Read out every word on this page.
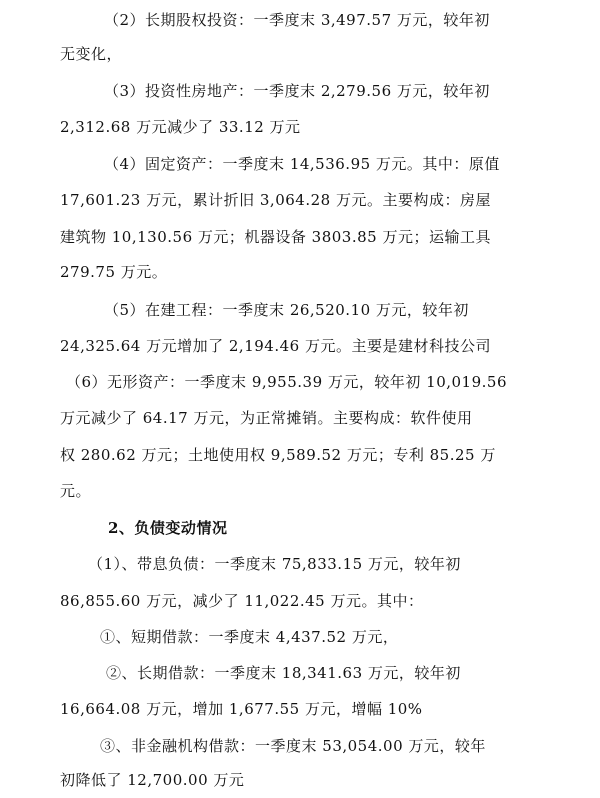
（2）长期股权投资：一季度末 3,497.57 万元，较年初
无变化，
（3）投资性房地产：一季度末 2,279.56 万元，较年初
2,312.68 万元减少了 33.12 万元
（4）固定资产：一季度末 14,536.95 万元。其中：原值
17,601.23 万元，累计折旧 3,064.28 万元。主要构成：房屋
建筑物 10,130.56 万元；机器设备 3803.85 万元；运输工具
279.75 万元。
（5）在建工程：一季度末 26,520.10 万元，较年初
24,325.64 万元增加了 2,194.46 万元。主要是建材科技公司
（6）无形资产：一季度末 9,955.39 万元，较年初 10,019.56
万元减少了 64.17 万元，为正常摊销。主要构成：软件使用
权 280.62 万元；土地使用权 9,589.52 万元；专利 85.25 万
元。
2、负债变动情况
（1）、带息负债：一季度末 75,833.15 万元，较年初
86,855.60 万元，减少了 11,022.45 万元。其中：
①、短期借款：一季度末 4,437.52 万元，
②、长期借款：一季度末 18,341.63 万元，较年初
16,664.08 万元，增加 1,677.55 万元，增幅 10%
③、非金融机构借款：一季度末 53,054.00 万元，较年
初降低了 12,700.00 万元
